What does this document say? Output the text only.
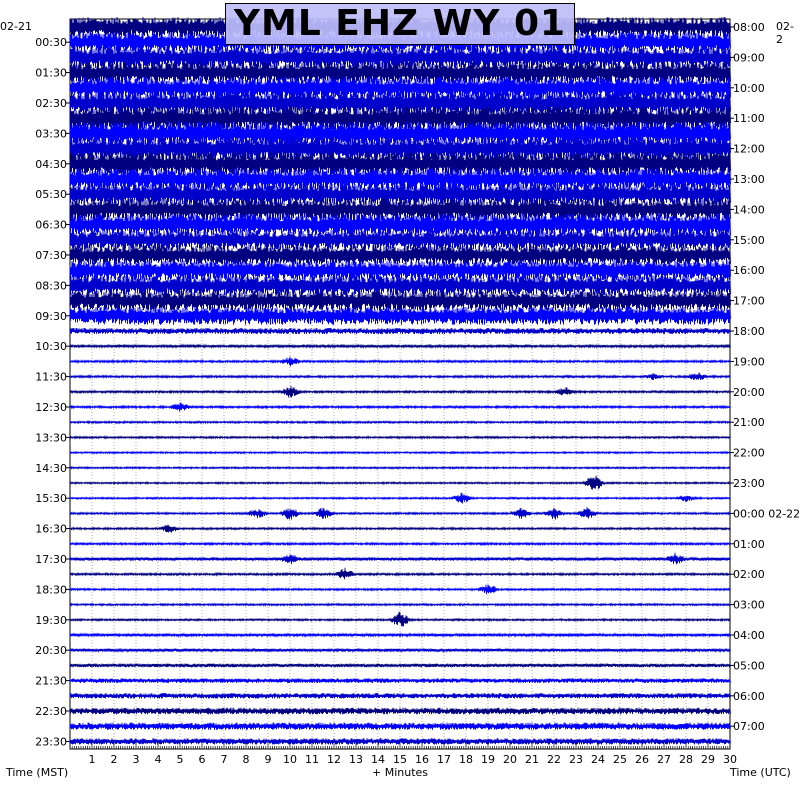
00:30
01:30
02:30
03:30
04:30
05:30
06:30
07:30
08:30
09:30
10:30
11:30
12:30
13:30
14:30
15:30
16:30
17:30
18:30
19:30
20:30
21:30
22:30
23:30
08:00
09:00
10:00
11:00
12:00
13:00
14:00
15:00
16:00
17:00
18:00
19:00
20:00
21:00
22:00
23:00
00:00 02-22
01:00
02:00
03:00
04:00
05:00
06:00
07:00
1 2 3 4 5 6 7 8 9 10 11 12 13 14 15 16 17 18 19 20 21 22 23 24 25 26 27 28 29 30
YML EHZ WY 01
02-21	02-2
Time (MST)	+ Minutes	Time (UTC)
